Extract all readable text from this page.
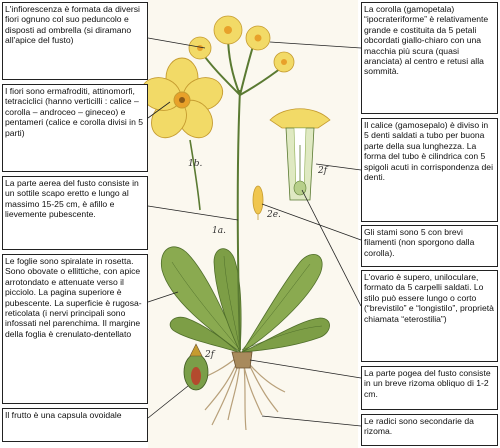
1b.
2f
2e.
1a.
2f
L'infiorescenza è formata da diversi fiori ognuno col suo peduncolo e disposti ad ombrella (si diramano all'apice del fusto)
I fiori sono ermafroditi, attinomorfi, tetraciclici (hanno verticilli : calice – corolla – androceo – gineceo) e pentameri (calice e corolla divisi in 5 parti)
La parte aerea del fusto consiste in un sottile scapo eretto e lungo al massimo 15-25 cm, è afillo e lievemente pubescente.
Le foglie sono spiralate in rosetta. Sono obovate o ellittiche, con apice arrotondato e attenuate verso il picciolo. La pagina superiore è pubescente. La superficie è rugosa-reticolata (i nervi principali sono infossati nel parenchima. Il margine della foglia è crenulato-dentellato
Il frutto è una capsula ovoidale
La corolla (gamopetala) “ipocrateriforme” è relativamente grande e costituita da 5 petali obcordati giallo-chiaro con una macchia più scura (quasi aranciata) al centro e retusi alla sommità.
Il calice (gamosepalo) è diviso in 5 denti saldati a tubo per buona parte della sua lunghezza. La forma del tubo è cilindrica con 5 spigoli acuti in corrispondenza dei denti.
Gli stami sono 5 con brevi filamenti (non sporgono dalla corolla).
L'ovario è supero, uniloculare, formato da 5 carpelli saldati. Lo stilo può essere lungo o corto (“brevistilo” e “longistilo”, proprietà chiamata “eterostilia”)
La parte pogea del fusto consiste in un breve rizoma obliquo di 1-2 cm.
Le radici sono secondarie da rizoma.
